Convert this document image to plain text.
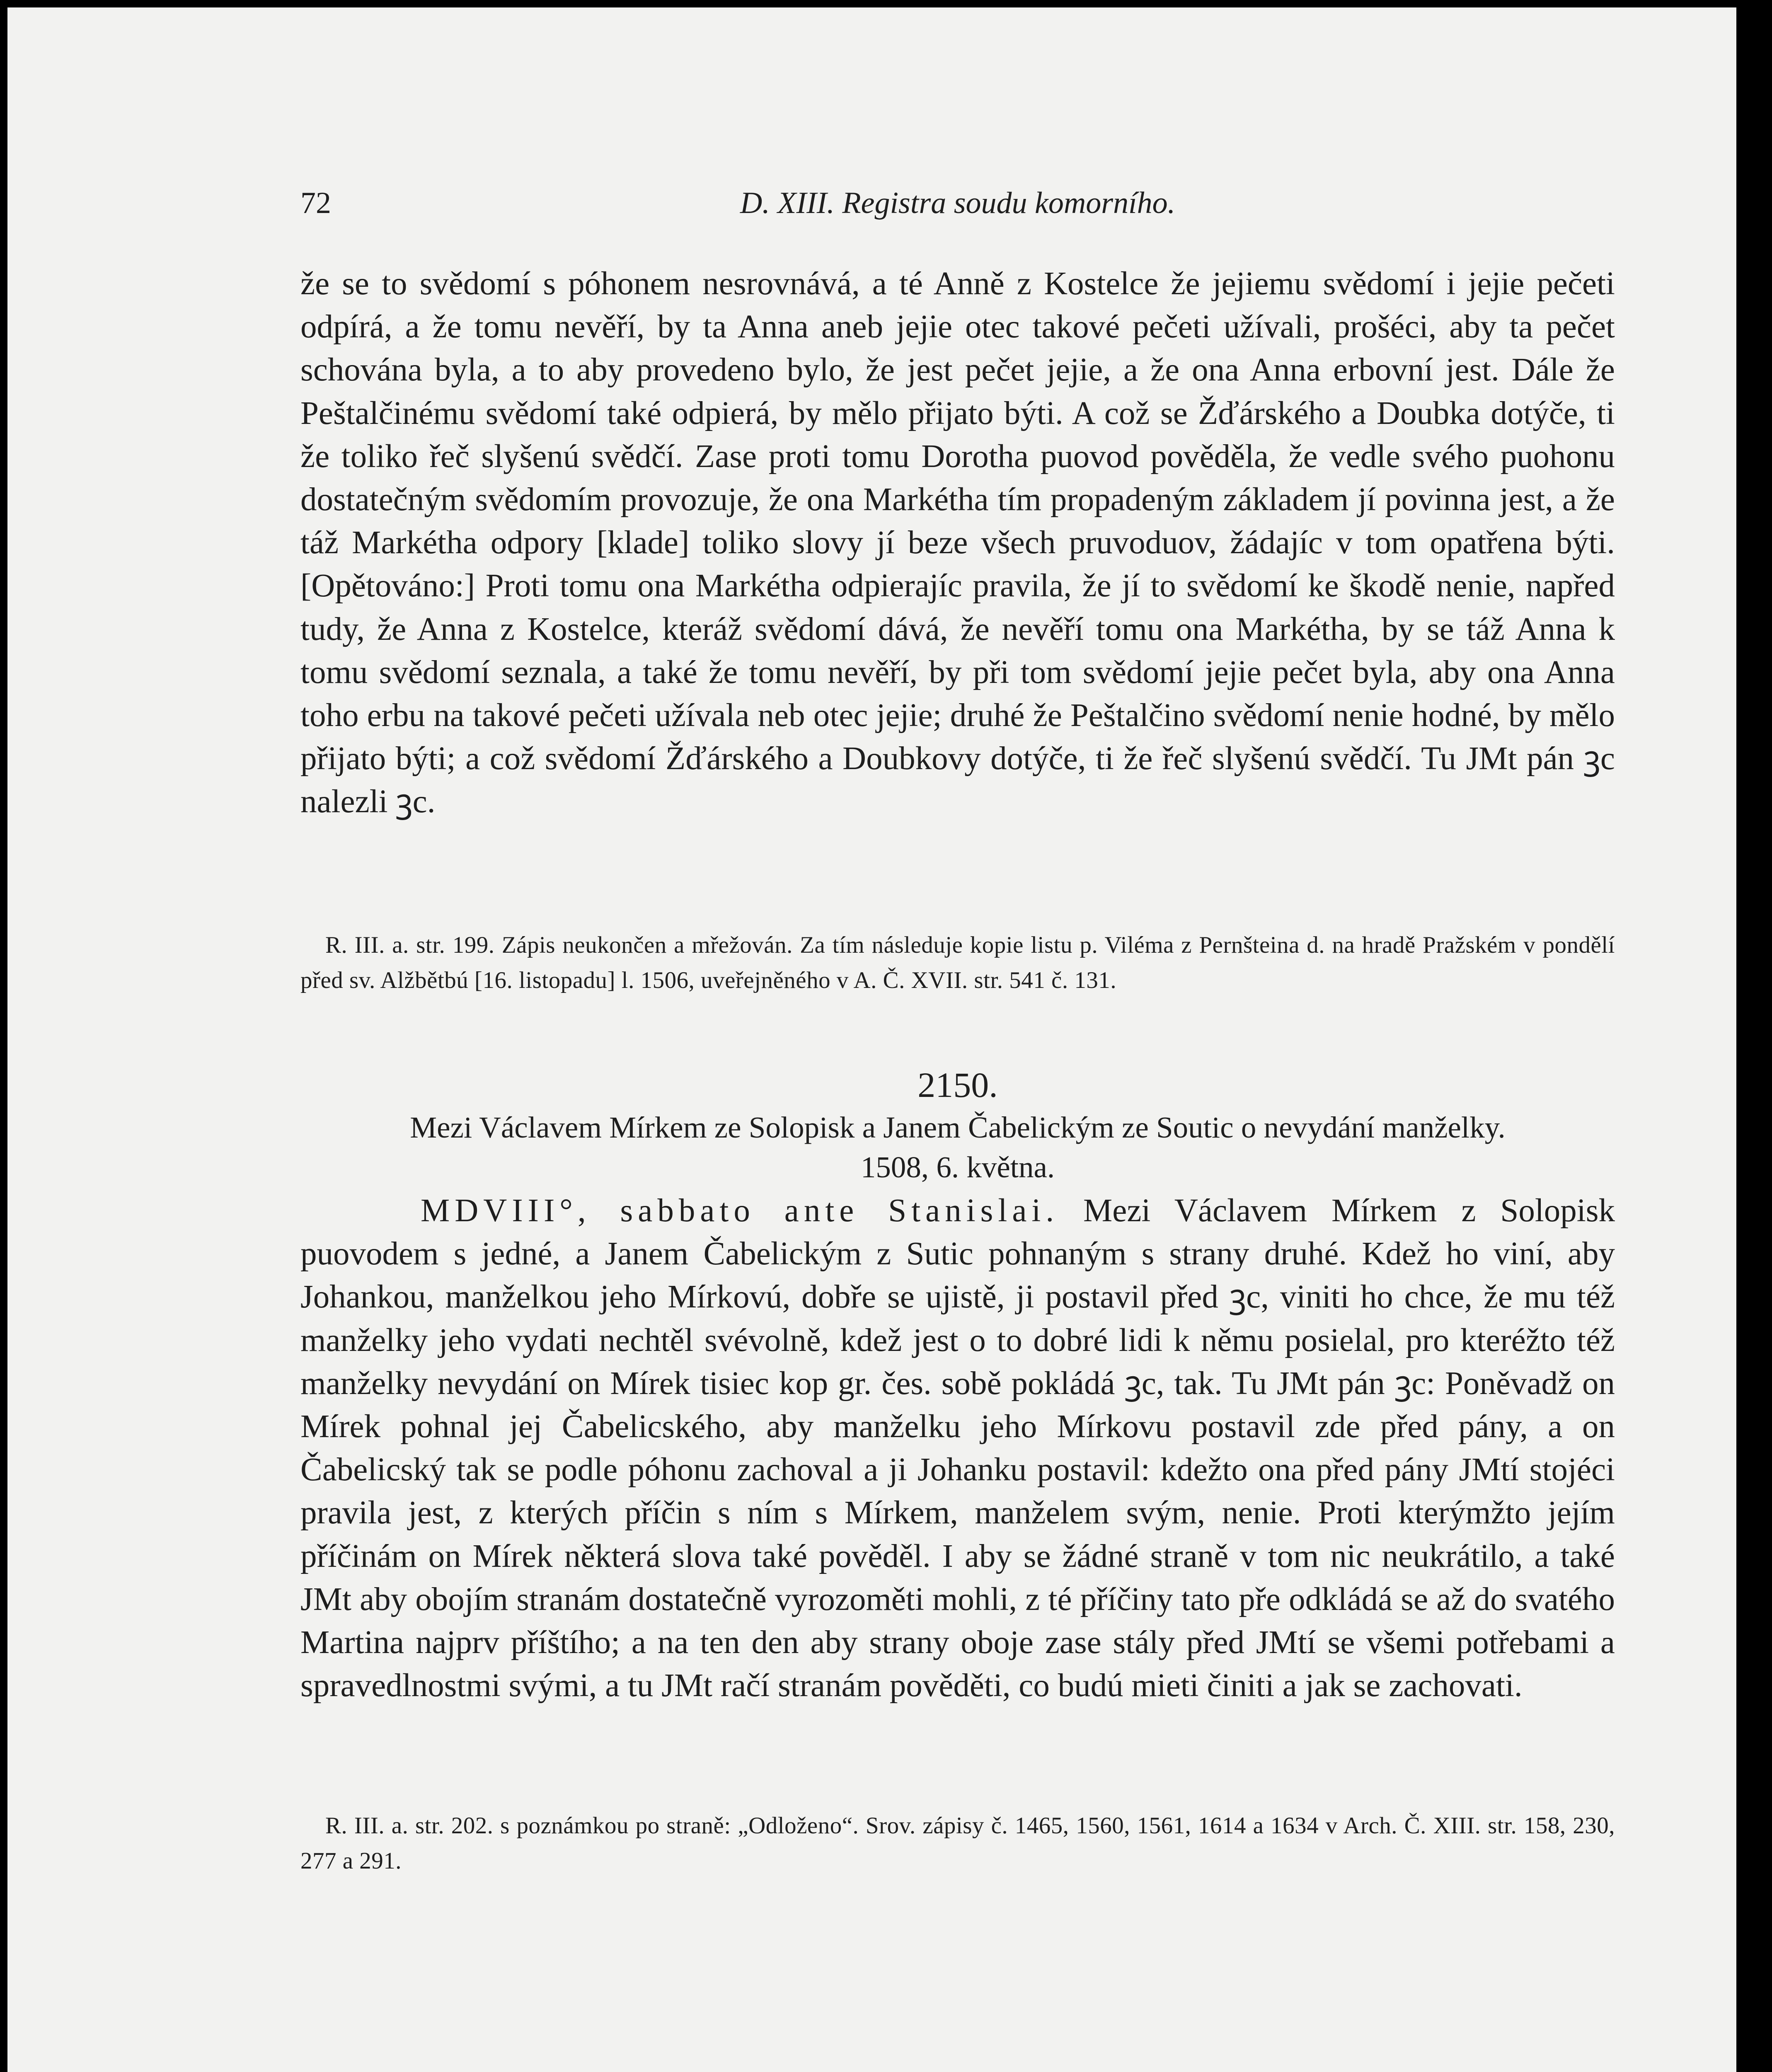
72	D. XIII. Registra soudu komorního.

že se to svědomí s póhonem nesrovnává, a té Anně z Kostelce že jejiemu svědomí i jejie pečeti odpírá, a že tomu nevěří, by ta Anna aneb jejie otec takové pečeti užívali, prošéci, aby ta pečet schována byla, a to aby provedeno bylo, že jest pečet jejie, a že ona Anna erbovní jest. Dále že Peštalčinému svědomí také odpierá, by mělo přijato býti. A což se Žďárského a Doubka dotýče, ti že toliko řeč slyšenú svědčí. Zase proti tomu Dorotha puovod pověděla, že vedle svého puohonu dostatečným svědomím provozuje, že ona Markétha tím propadeným základem jí povinna jest, a že táž Markétha odpory [klade] toliko slovy jí beze všech pruvoduov, žádajíc v tom opatřena býti. [Opětováno:] Proti tomu ona Markétha odpierajíc pravila, že jí to svědomí ke škodě nenie, napřed tudy, že Anna z Kostelce, kteráž svědomí dává, že nevěří tomu ona Markétha, by se táž Anna k tomu svědomí seznala, a také že tomu nevěří, by při tom svědomí jejie pečet byla, aby ona Anna toho erbu na takové pečeti užívala neb otec jejie; druhé že Peštalčino svědomí nenie hodné, by mělo přijato býti; a což svědomí Žďárského a Doubkovy dotýče, ti že řeč slyšenú svědčí. Tu JMt pán ꝫc nalezli ꝫc.

R. III. a. str. 199. Zápis neukončen a mřežován. Za tím následuje kopie listu p. Viléma z Pernšteina d. na hradě Pražském v pondělí před sv. Alžbětbú [16. listopadu] l. 1506, uveřejněného v A. Č. XVII. str. 541 č. 131.

2150.

Mezi Václavem Mírkem ze Solopisk a Janem Čabelickým ze Soutic o nevydání manželky.

1508, 6. května.

MDVIII°, sabbato ante Stanislai. Mezi Václavem Mírkem z Solopisk puovodem s jedné, a Janem Čabelickým z Sutic pohnaným s strany druhé. Kdež ho viní, aby Johankou, manželkou jeho Mírkovú, dobře se ujistě, ji postavil před ꝫc, viniti ho chce, že mu též manželky jeho vydati nechtěl svévolně, kdež jest o to dobré lidi k němu posielal, pro kteréžto též manželky nevydání on Mírek tisiec kop gr. čes. sobě pokládá ꝫc, tak. Tu JMt pán ꝫc: Poněvadž on Mírek pohnal jej Čabelicského, aby manželku jeho Mírkovu postavil zde před pány, a on Čabelicský tak se podle póhonu zachoval a ji Johanku postavil: kdežto ona před pány JMtí stojéci pravila jest, z kterých příčin s ním s Mírkem, manželem svým, nenie. Proti kterýmžto jejím příčinám on Mírek některá slova také pověděl. I aby se žádné straně v tom nic neukrátilo, a také JMt aby obojím stranám dostatečně vyrozoměti mohli, z té příčiny tato pře odkládá se až do svatého Martina najprv příštího; a na ten den aby strany oboje zase stály před JMtí se všemi potřebami a spravedlnostmi svými, a tu JMt račí stranám pověděti, co budú mieti činiti a jak se zachovati.

R. III. a. str. 202. s poznámkou po straně: „Odloženo“. Srov. zápisy č. 1465, 1560, 1561, 1614 a 1634 v Arch. Č. XIII. str. 158, 230, 277 a 291.
